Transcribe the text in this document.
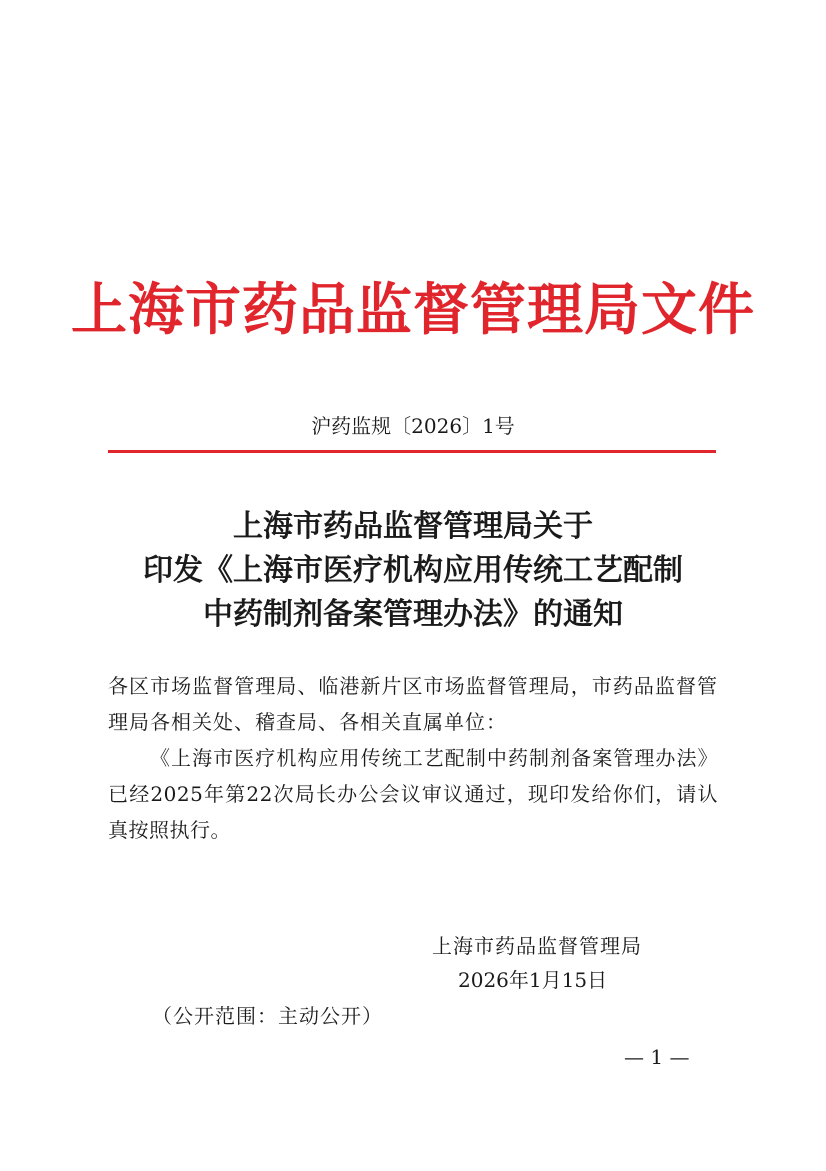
上海市药品监督管理局文件
沪药监规〔2026〕1号
上海市药品监督管理局关于
印发《上海市医疗机构应用传统工艺配制
中药制剂备案管理办法》的通知
各区市场监督管理局、临港新片区市场监督管理局，市药品监督管理局各相关处、稽查局、各相关直属单位：
《上海市医疗机构应用传统工艺配制中药制剂备案管理办法》已经2025年第22次局长办公会议审议通过，现印发给你们，请认真按照执行。
上海市药品监督管理局
2026年1月15日
（公开范围：主动公开）
— 1 —
